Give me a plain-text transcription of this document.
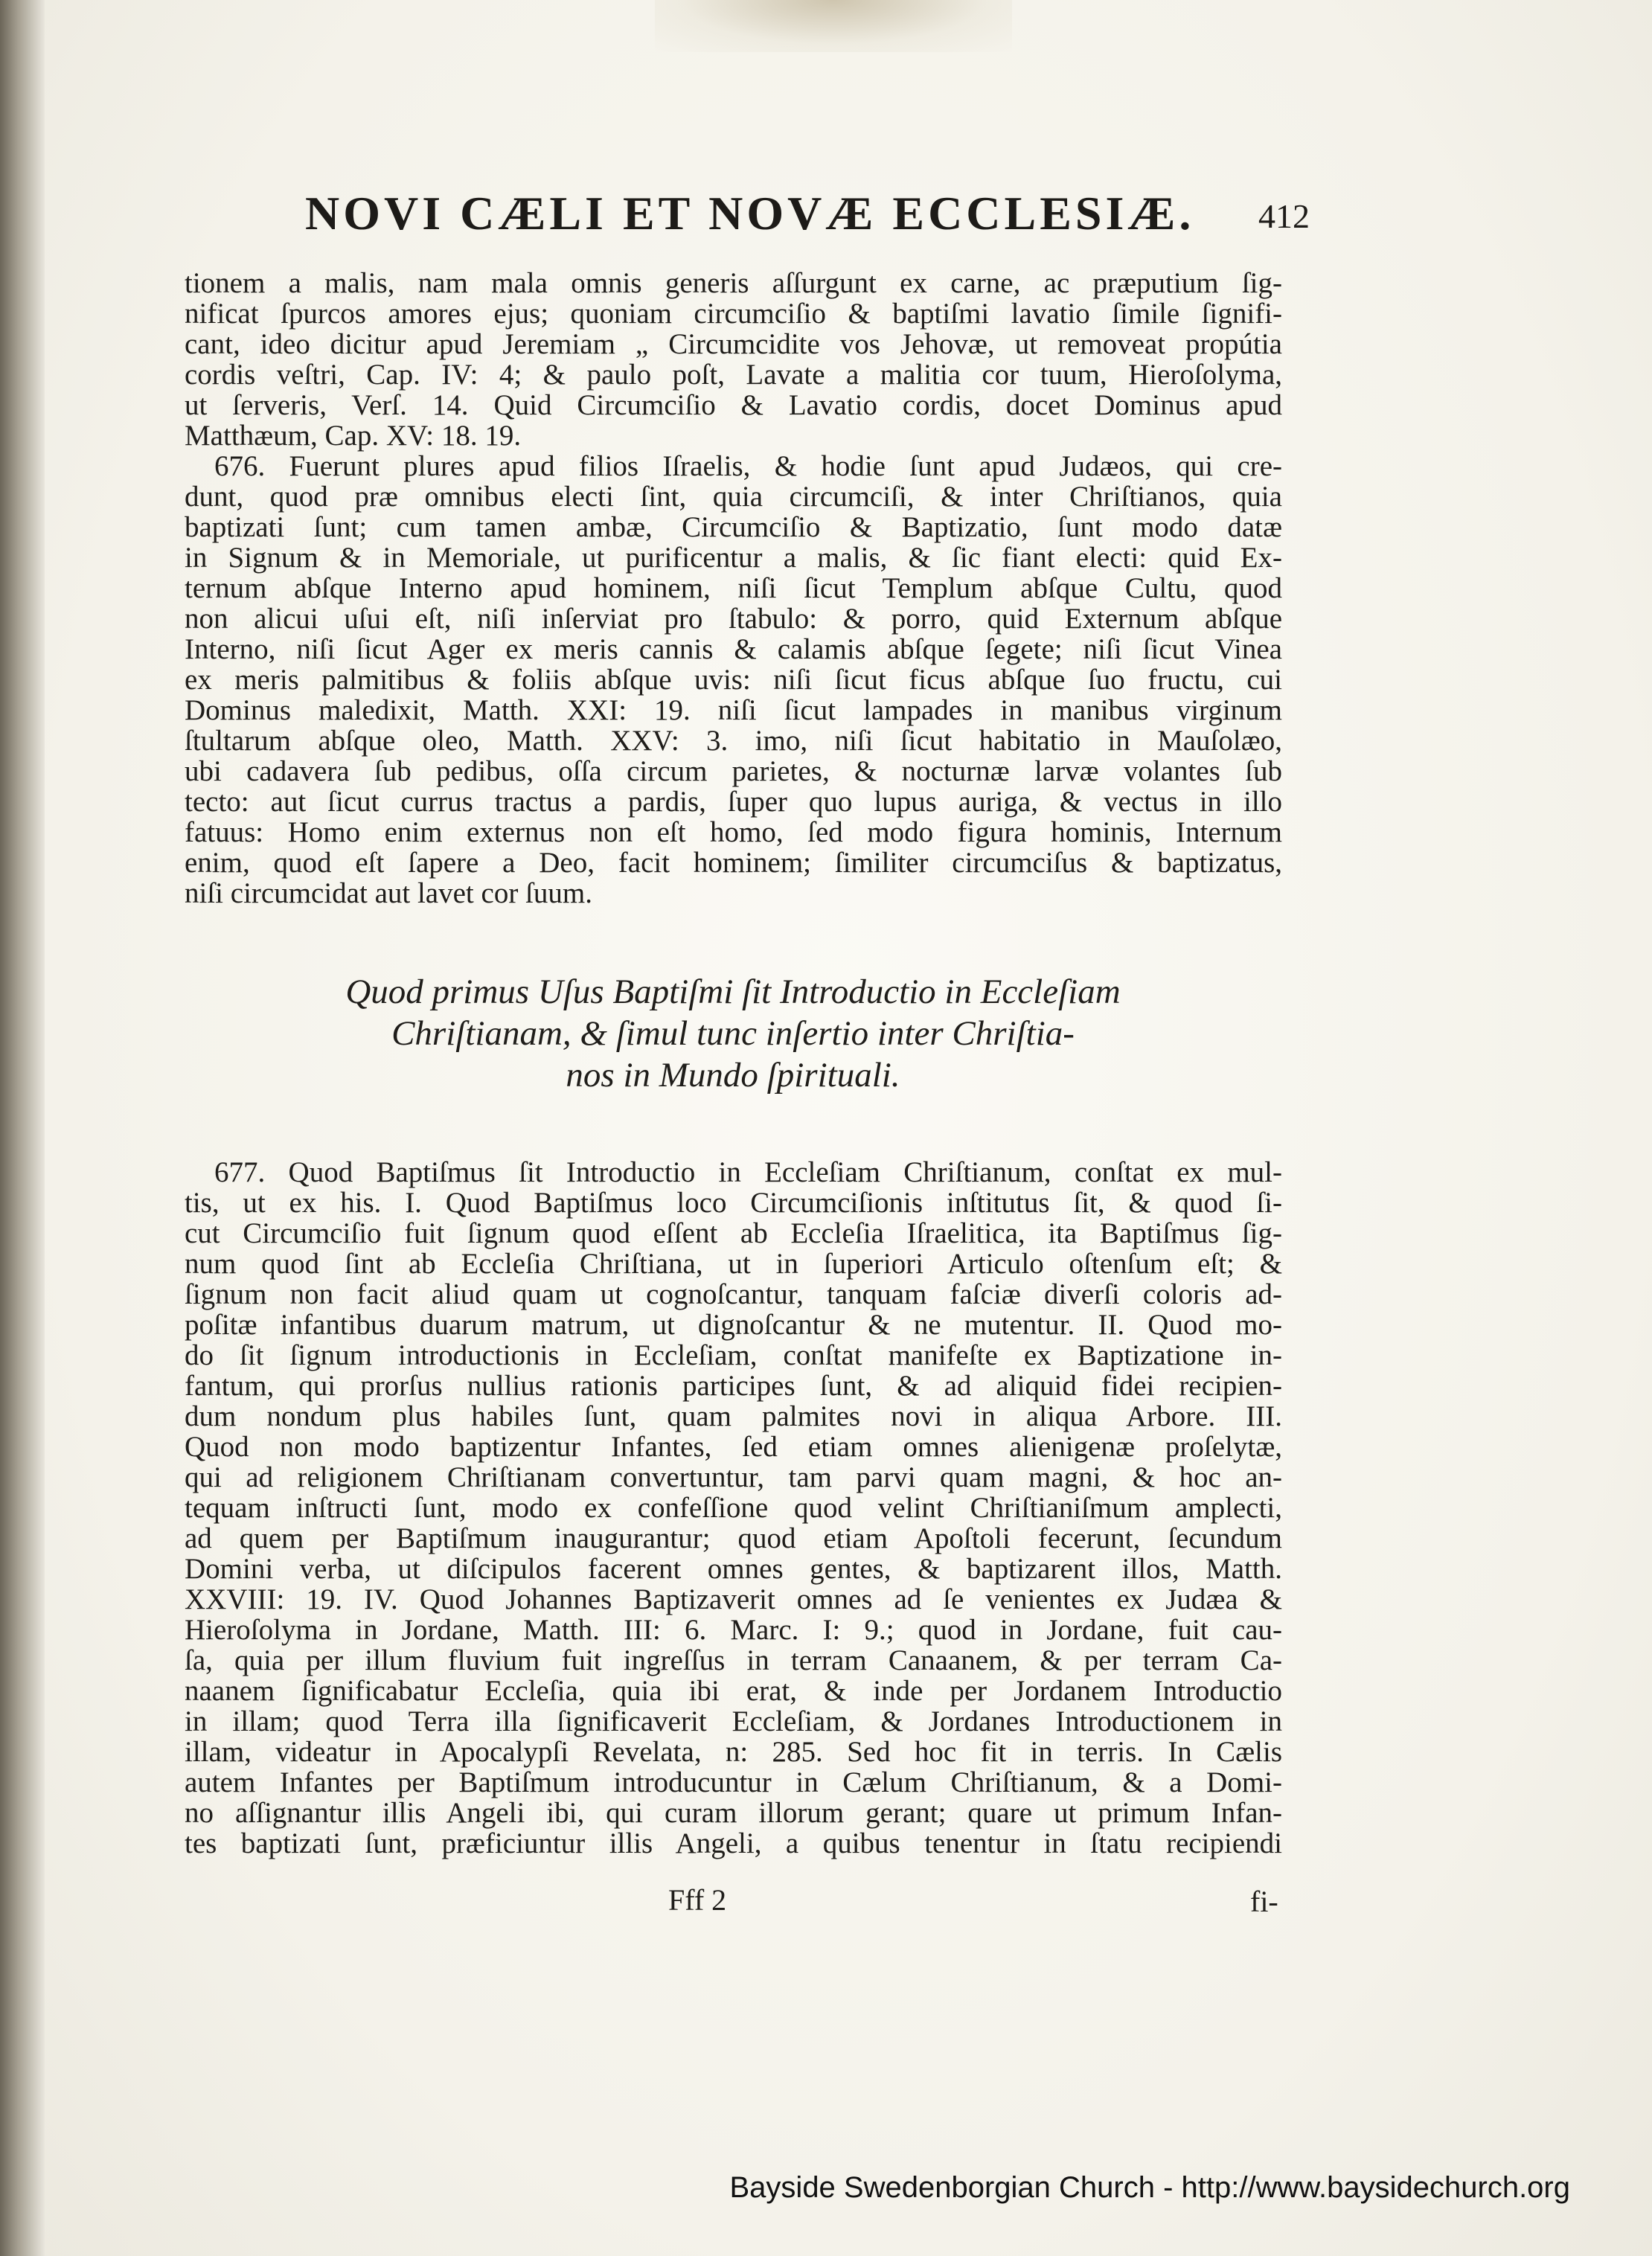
NOVI CÆLI ET NOVÆ ECCLESIÆ. 412
tionem a malis, nam mala omnis generis aſſurgunt ex carne, ac præputium ſig-
nificat ſpurcos amores ejus; quoniam circumciſio & baptiſmi lavatio ſimile ſignifi-
cant, ideo dicitur apud Jeremiam „ Circumcidite vos Jehovæ, ut removeat propútia
cordis veſtri, Cap. IV: 4; & paulo poſt, Lavate a malitia cor tuum, Hieroſolyma,
ut ſerveris, Verſ. 14. Quid Circumciſio & Lavatio cordis, docet Dominus apud
Matthæum, Cap. XV: 18. 19.
676. Fuerunt plures apud filios Iſraelis, & hodie ſunt apud Judæos, qui cre-
dunt, quod præ omnibus electi ſint, quia circumciſi, & inter Chriſtianos, quia
baptizati ſunt; cum tamen ambæ, Circumciſio & Baptizatio, ſunt modo datæ
in Signum & in Memoriale, ut purificentur a malis, & ſic fiant electi: quid Ex-
ternum abſque Interno apud hominem, niſi ſicut Templum abſque Cultu, quod
non alicui uſui eſt, niſi inſerviat pro ſtabulo: & porro, quid Externum abſque
Interno, niſi ſicut Ager ex meris cannis & calamis abſque ſegete; niſi ſicut Vinea
ex meris palmitibus & foliis abſque uvis: niſi ſicut ficus abſque ſuo fructu, cui
Dominus maledixit, Matth. XXI: 19. niſi ſicut lampades in manibus virginum
ſtultarum abſque oleo, Matth. XXV: 3. imo, niſi ſicut habitatio in Mauſolæo,
ubi cadavera ſub pedibus, oſſa circum parietes, & nocturnæ larvæ volantes ſub
tecto: aut ſicut currus tractus a pardis, ſuper quo lupus auriga, & vectus in illo
fatuus: Homo enim externus non eſt homo, ſed modo figura hominis, Internum
enim, quod eſt ſapere a Deo, facit hominem; ſimiliter circumciſus & baptizatus,
niſi circumcidat aut lavet cor ſuum.
Quod primus Uſus Baptiſmi ſit Introductio in Eccleſiam
Chriſtianam, & ſimul tunc inſertio inter Chriſtia-
nos in Mundo ſpirituali.
677. Quod Baptiſmus ſit Introductio in Eccleſiam Chriſtianum, conſtat ex mul-
tis, ut ex his. I. Quod Baptiſmus loco Circumciſionis inſtitutus ſit, & quod ſi-
cut Circumciſio fuit ſignum quod eſſent ab Eccleſia Iſraelitica, ita Baptiſmus ſig-
num quod ſint ab Eccleſia Chriſtiana, ut in ſuperiori Articulo oſtenſum eſt; &
ſignum non facit aliud quam ut cognoſcantur, tanquam faſciæ diverſi coloris ad-
poſitæ infantibus duarum matrum, ut dignoſcantur & ne mutentur. II. Quod mo-
do ſit ſignum introductionis in Eccleſiam, conſtat manifeſte ex Baptizatione in-
fantum, qui prorſus nullius rationis participes ſunt, & ad aliquid fidei recipien-
dum nondum plus habiles ſunt, quam palmites novi in aliqua Arbore. III.
Quod non modo baptizentur Infantes, ſed etiam omnes alienigenæ proſelytæ,
qui ad religionem Chriſtianam convertuntur, tam parvi quam magni, & hoc an-
tequam inſtructi ſunt, modo ex confeſſione quod velint Chriſtianiſmum amplecti,
ad quem per Baptiſmum inaugurantur; quod etiam Apoſtoli fecerunt, ſecundum
Domini verba, ut diſcipulos facerent omnes gentes, & baptizarent illos, Matth.
XXVIII: 19. IV. Quod Johannes Baptizaverit omnes ad ſe venientes ex Judæa &
Hieroſolyma in Jordane, Matth. III: 6. Marc. I: 9.; quod in Jordane, fuit cau-
ſa, quia per illum fluvium fuit ingreſſus in terram Canaanem, & per terram Ca-
naanem ſignificabatur Eccleſia, quia ibi erat, & inde per Jordanem Introductio
in illam; quod Terra illa ſignificaverit Eccleſiam, & Jordanes Introductionem in
illam, videatur in Apocalypſi Revelata, n: 285. Sed hoc fit in terris. In Cælis
autem Infantes per Baptiſmum introducuntur in Cælum Chriſtianum, & a Domi-
no aſſignantur illis Angeli ibi, qui curam illorum gerant; quare ut primum Infan-
tes baptizati ſunt, præficiuntur illis Angeli, a quibus tenentur in ſtatu recipiendi
Fff 2	fi-
Bayside Swedenborgian Church - http://www.baysidechurch.org
